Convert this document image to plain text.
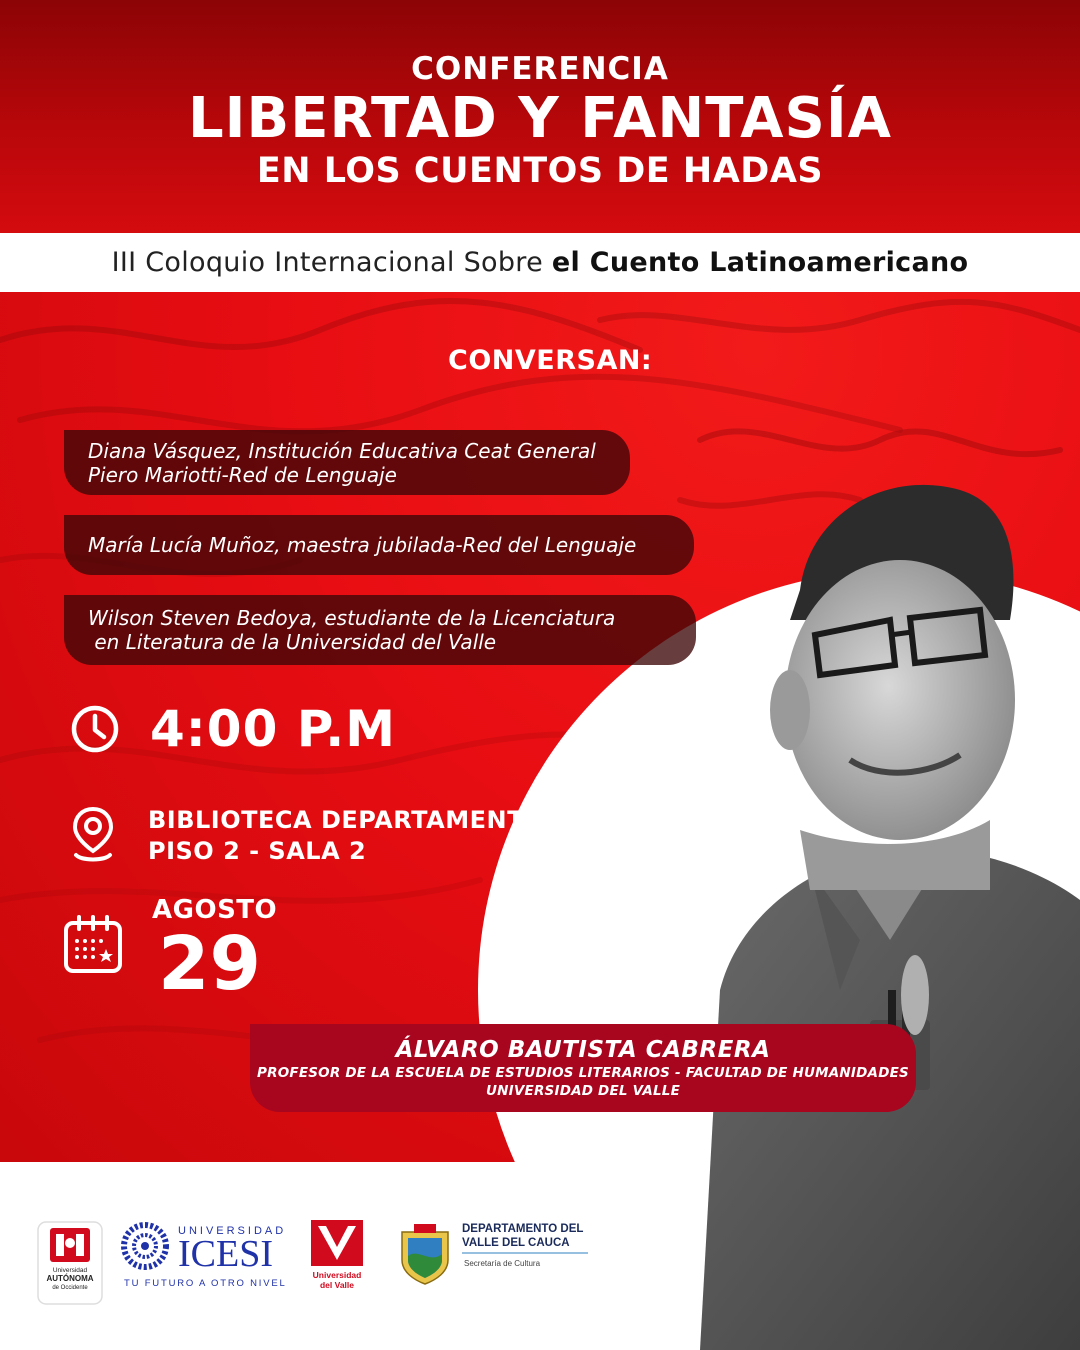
CONFERENCIA
LIBERTAD Y FANTASÍA
EN LOS CUENTOS DE HADAS
III Coloquio Internacional Sobre el Cuento Latinoamericano
CONVERSAN:
Diana Vásquez, Institución Educativa Ceat General
Piero Mariotti-Red de Lenguaje
María Lucía Muñoz, maestra jubilada-Red del Lenguaje
Wilson Steven Bedoya, estudiante de la Licenciatura
en Literatura de la Universidad del Valle
4:00 P.M
BIBLIOTECA DEPARTAMENTAL
PISO 2 - SALA 2
AGOSTO
29
ÁLVARO BAUTISTA CABRERA
PROFESOR DE LA ESCUELA DE ESTUDIOS LITERARIOS - FACULTAD DE HUMANIDADES
UNIVERSIDAD DEL VALLE
Universidad
AUTÓNOMA
de Occidente
UNIVERSIDAD
ICESI
TU FUTURO A OTRO NIVEL
Universidad
del Valle
DEPARTAMENTO DEL
VALLE DEL CAUCA
Secretaría de Cultura
